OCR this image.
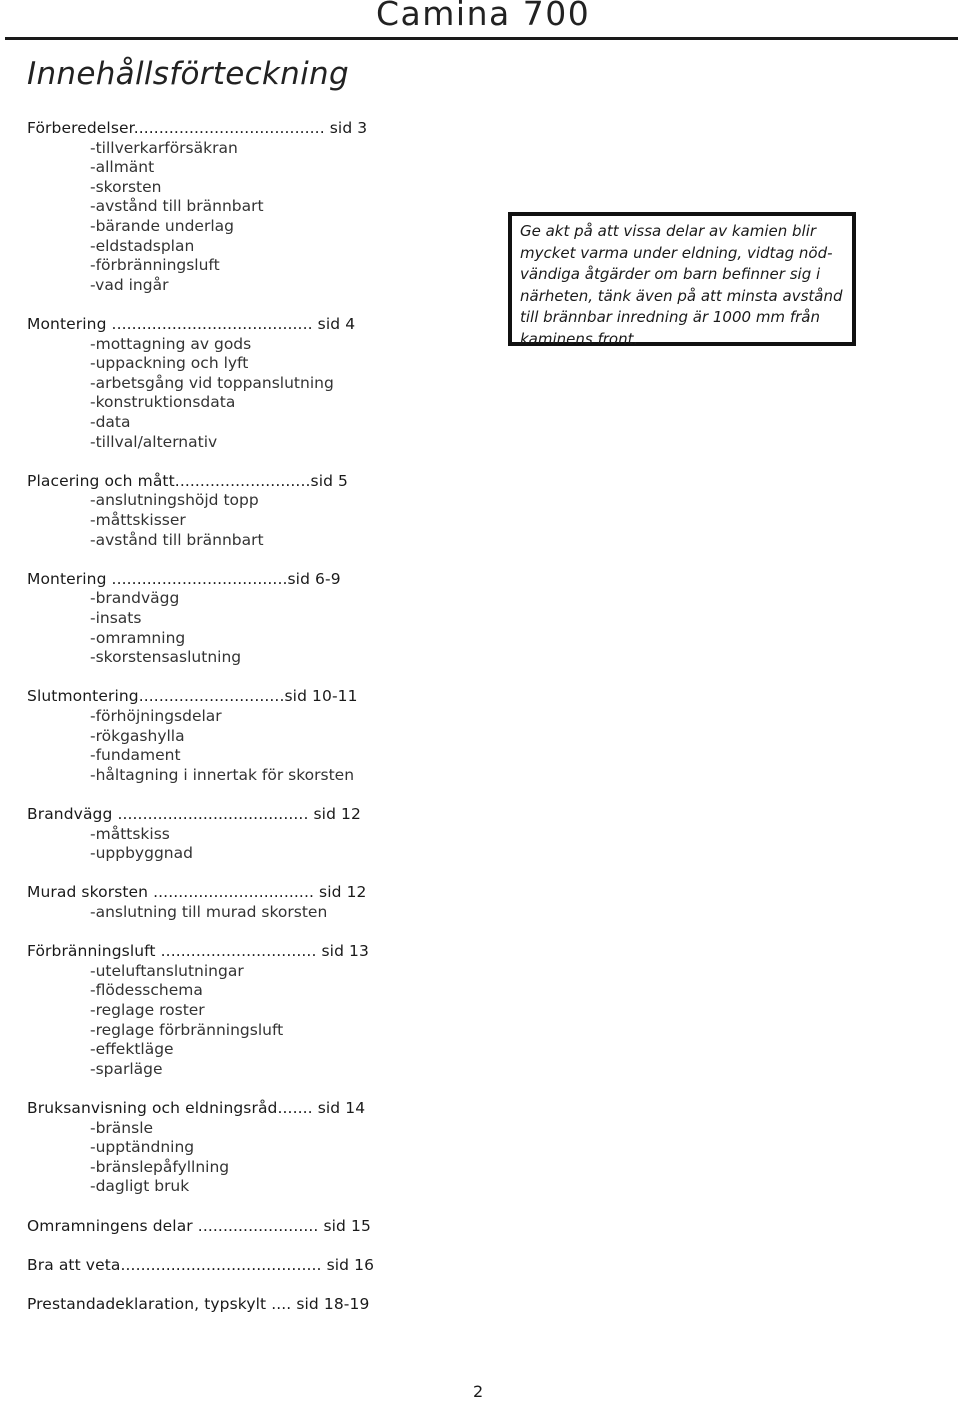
Camina 700
Innehållsförteckning
Förberedelser...................................... sid 3
-tillverkarförsäkran
-allmänt
-skorsten
-avstånd till brännbart
-bärande underlag
-eldstadsplan
-förbränningsluft
-vad ingår
Montering ........................................ sid 4
-mottagning av gods
-uppackning och lyft
-arbetsgång vid toppanslutning
-konstruktionsdata
-data
-tillval/alternativ
Placering och mått...........................sid 5
-anslutningshöjd topp
-måttskisser
-avstånd till brännbart
Montering ...................................sid 6-9
-brandvägg
-insats
-omramning
-skorstensaslutning
Slutmontering.............................sid 10-11
-förhöjningsdelar
-rökgashylla
-fundament
-håltagning i innertak för skorsten
Brandvägg ...................................... sid 12
-måttskiss
-uppbyggnad
Murad skorsten ................................ sid 12
-anslutning till murad skorsten
Förbränningsluft ............................... sid 13
-uteluftanslutningar
-flödesschema
-reglage roster
-reglage förbränningsluft
-effektläge
-sparläge
Bruksanvisning och eldningsråd....... sid 14
-bränsle
-upptändning
-bränslepåfyllning
-dagligt bruk
Omramningens delar ........................ sid 15
Bra att veta........................................ sid 16
Prestandadeklaration, typskylt .... sid 18-19

Ge akt på att vissa delar av kamien blir

mycket varma under eldning, vidtag nöd-

vändiga åtgärder om barn befinner sig i

närheten, tänk även på att minsta avstånd

till brännbar inredning är 1000 mm från

kaminens front.

2
